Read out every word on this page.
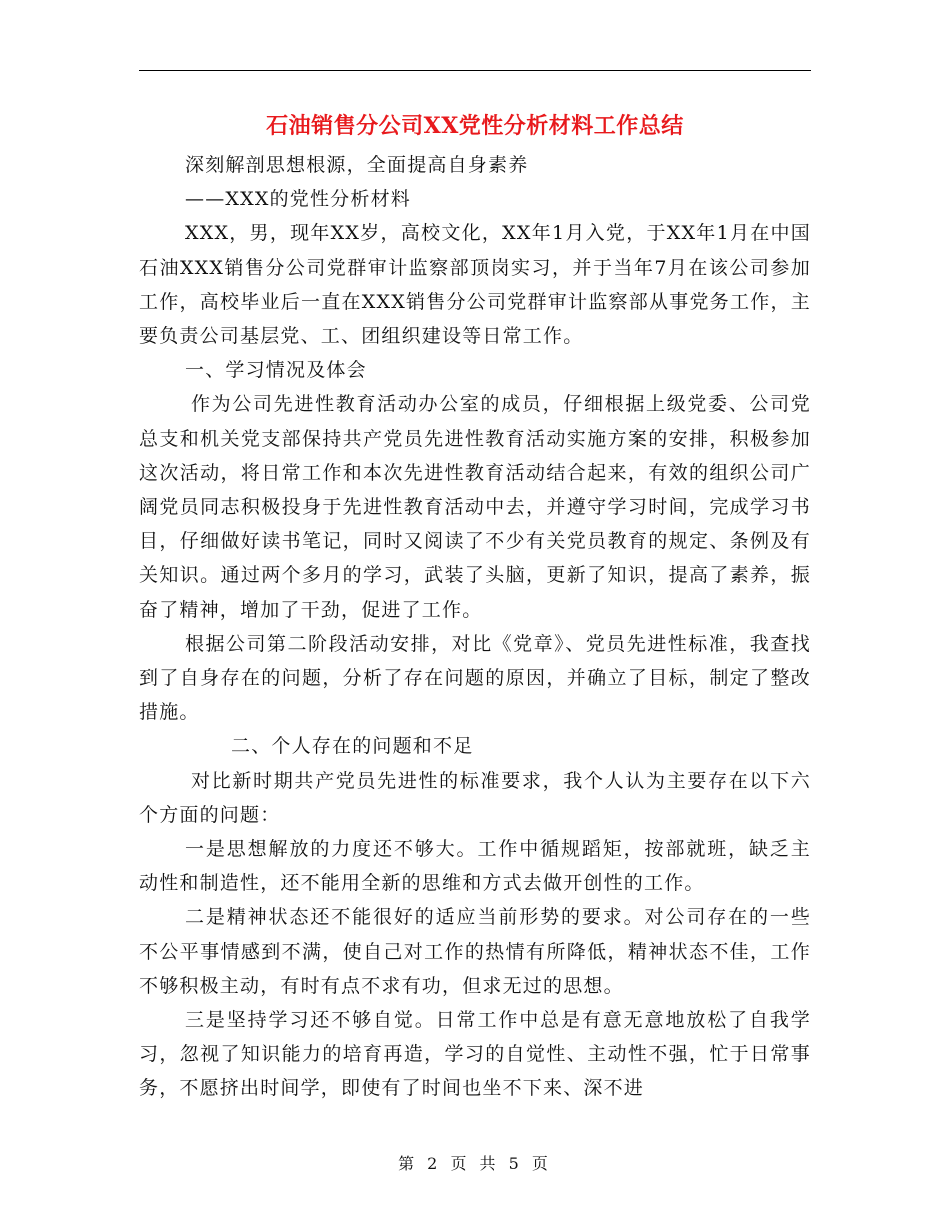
石油销售分公司XX党性分析材料工作总结

深刻解剖思想根源，全面提高自身素养

——XXX的党性分析材料

XXX，男，现年XX岁，高校文化，XX年1月入党，于XX年1月在中国石油XXX销售分公司党群审计监察部顶岗实习，并于当年7月在该公司参加工作，高校毕业后一直在XXX销售分公司党群审计监察部从事党务工作，主要负责公司基层党、工、团组织建设等日常工作。

一、学习情况及体会

作为公司先进性教育活动办公室的成员，仔细根据上级党委、公司党总支和机关党支部保持共产党员先进性教育活动实施方案的安排，积极参加这次活动，将日常工作和本次先进性教育活动结合起来，有效的组织公司广阔党员同志积极投身于先进性教育活动中去，并遵守学习时间，完成学习书目，仔细做好读书笔记，同时又阅读了不少有关党员教育的规定、条例及有关知识。通过两个多月的学习，武装了头脑，更新了知识，提高了素养，振奋了精神，增加了干劲，促进了工作。

根据公司第二阶段活动安排，对比《党章》、党员先进性标准，我查找到了自身存在的问题，分析了存在问题的原因，并确立了目标，制定了整改措施。

二、个人存在的问题和不足

对比新时期共产党员先进性的标准要求，我个人认为主要存在以下六个方面的问题：

一是思想解放的力度还不够大。工作中循规蹈矩，按部就班，缺乏主动性和制造性，还不能用全新的思维和方式去做开创性的工作。

二是精神状态还不能很好的适应当前形势的要求。对公司存在的一些不公平事情感到不满，使自己对工作的热情有所降低，精神状态不佳，工作不够积极主动，有时有点不求有功，但求无过的思想。

三是坚持学习还不够自觉。日常工作中总是有意无意地放松了自我学习，忽视了知识能力的培育再造，学习的自觉性、主动性不强，忙于日常事务，不愿挤出时间学，即使有了时间也坐不下来、深不进

第 2 页 共 5 页
